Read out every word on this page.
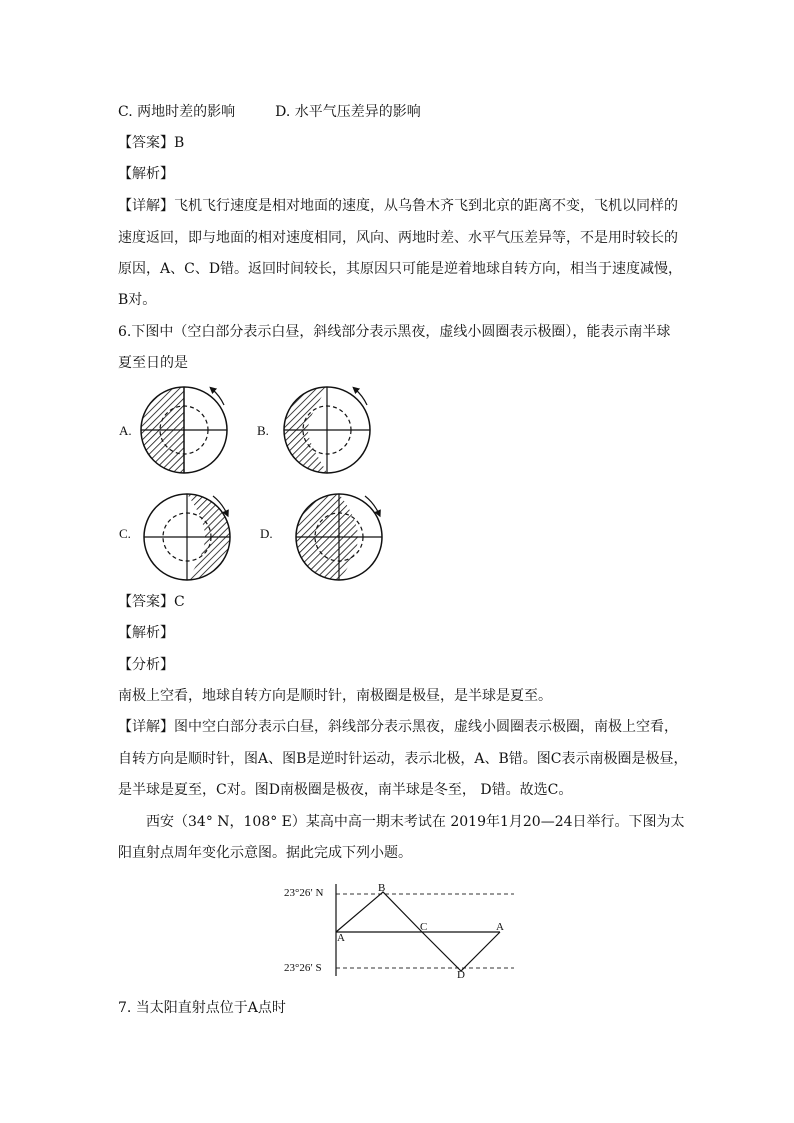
C. 两地时差的影响	D. 水平气压差异的影响
【答案】B
【解析】
【详解】飞机飞行速度是相对地面的速度，从乌鲁木齐飞到北京的距离不变，飞机以同样的
速度返回，即与地面的相对速度相同，风向、两地时差、水平气压差异等，不是用时较长的
原因，A、C、D错。返回时间较长，其原因只可能是逆着地球自转方向，相当于速度减慢，
B对。
6.下图中（空白部分表示白昼，斜线部分表示黑夜，虚线小圆圈表示极圈），能表示南半球
夏至日的是
A.	B.
C.	D.
【答案】C
【解析】
【分析】
南极上空看，地球自转方向是顺时针，南极圈是极昼，是半球是夏至。
【详解】图中空白部分表示白昼，斜线部分表示黑夜，虚线小圆圈表示极圈，南极上空看，
自转方向是顺时针，图A、图B是逆时针运动，表示北极，A、B错。图C表示南极圈是极昼，
是半球是夏至，C对。图D南极圈是极夜，南半球是冬至， D错。故选C。
西安（34° N，108° E）某高中高一期末考试在 2019年1月20—24日举行。下图为太
阳直射点周年变化示意图。据此完成下列小题。
23°26′ N
23°26′ S
A
B
C
D
A
7. 当太阳直射点位于A点时
